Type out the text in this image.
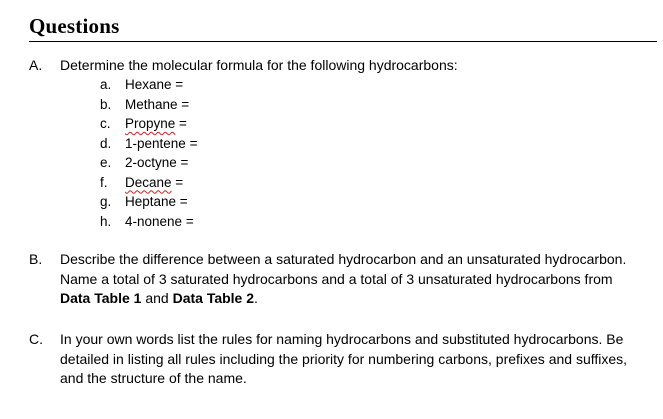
Questions
A.	Determine the molecular formula for the following hydrocarbons:
a. Hexane =
b. Methane =
c. Propyne =
d. 1-pentene =
e. 2-octyne =
f. Decane =
g. Heptane =
h. 4-nonene =
B.	Describe the difference between a saturated hydrocarbon and an unsaturated hydrocarbon. Name a total of 3 saturated hydrocarbons and a total of 3 unsaturated hydrocarbons from Data Table 1 and Data Table 2.
C.	In your own words list the rules for naming hydrocarbons and substituted hydrocarbons. Be detailed in listing all rules including the priority for numbering carbons, prefixes and suffixes, and the structure of the name.
